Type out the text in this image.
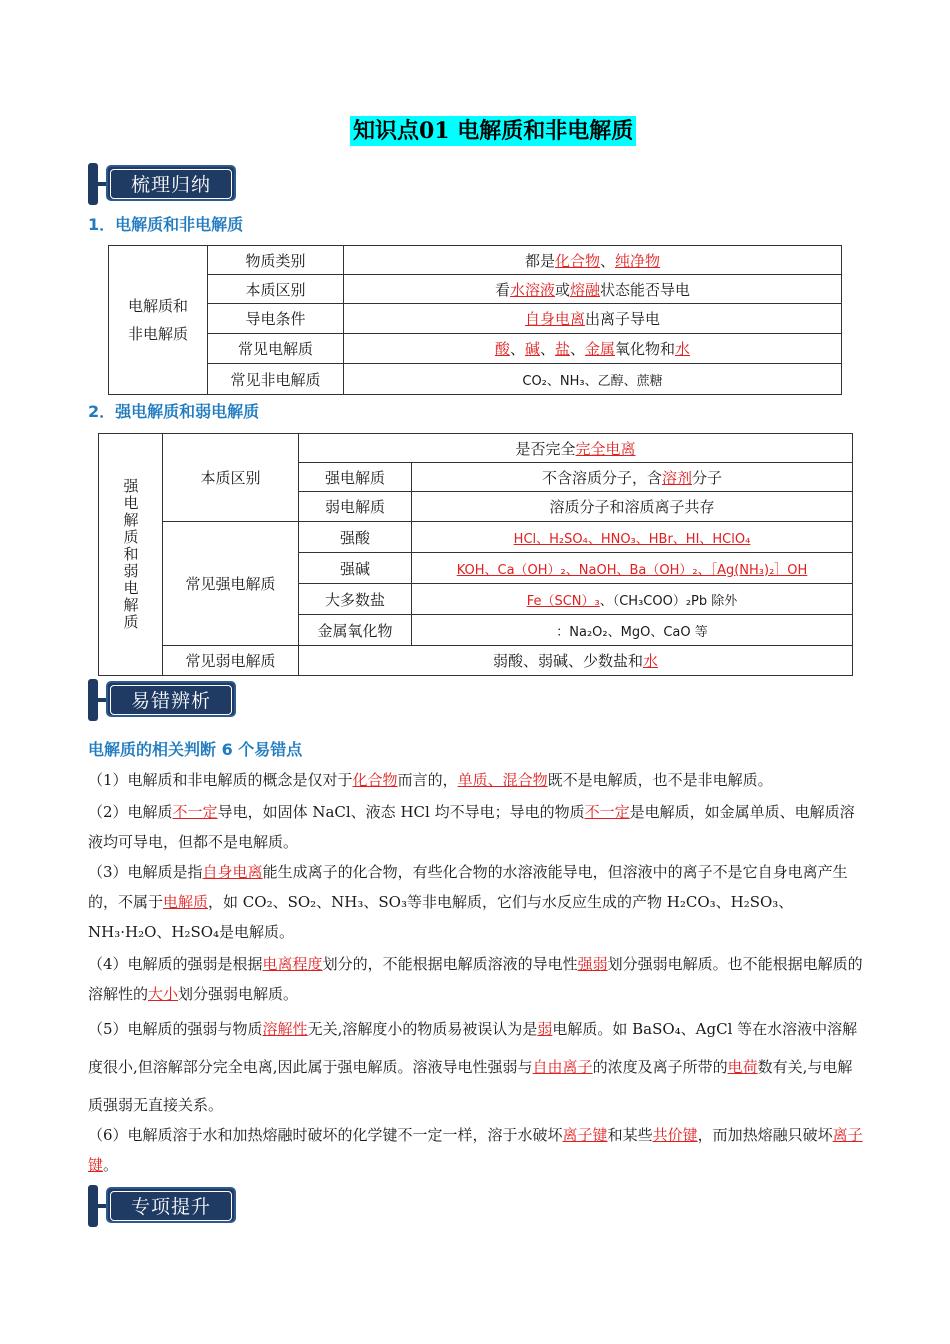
知识点01 电解质和非电解质
梳理归纳
1．电解质和非电解质
电解质和
非电解质	物质类别	都是化合物、纯净物
	本质区别	看水溶液或熔融状态能否导电
	导电条件	自身电离出离子导电
	常见电解质	酸、碱、盐、金属氧化物和水
	常见非电解质	CO₂、NH₃、乙醇、蔗糖
2．强电解质和弱电解质
强电解质和弱电解质	本质区别	是否完全完全电离	
		强电解质	不含溶质分子，含溶剂分子
		弱电解质	溶质分子和溶质离子共存
	常见强电解质	强酸	HCl、H₂SO₄、HNO₃、HBr、HI、HClO₄
		强碱	KOH、Ca（OH）₂、NaOH、Ba（OH）₂、［Ag(NH₃)₂］OH
		大多数盐	Fe（SCN）₃、（CH₃COO）₂Pb 除外
		金属氧化物	：Na₂O₂、MgO、CaO 等
	常见弱电解质	弱酸、弱碱、少数盐和水	
易错辨析
电解质的相关判断 6 个易错点
（1）电解质和非电解质的概念是仅对于化合物而言的，单质、混合物既不是电解质，也不是非电解质。
（2）电解质不一定导电，如固体 NaCl、液态 HCl 均不导电；导电的物质不一定是电解质，如金属单质、电解质溶液均可导电，但都不是电解质。
（3）电解质是指自身电离能生成离子的化合物，有些化合物的水溶液能导电，但溶液中的离子不是它自身电离产生的，不属于电解质，如 CO₂、SO₂、NH₃、SO₃等非电解质，它们与水反应生成的产物 H₂CO₃、H₂SO₃、NH₃·H₂O、H₂SO₄是电解质。
（4）电解质的强弱是根据电离程度划分的，不能根据电解质溶液的导电性强弱划分强弱电解质。也不能根据电解质的溶解性的大小划分强弱电解质。
（5）电解质的强弱与物质溶解性无关,溶解度小的物质易被误认为是弱电解质。如 BaSO₄、AgCl 等在水溶液中溶解度很小,但溶解部分完全电离,因此属于强电解质。溶液导电性强弱与自由离子的浓度及离子所带的电荷数有关,与电解质强弱无直接关系。
（6）电解质溶于水和加热熔融时破坏的化学键不一定一样，溶于水破坏离子键和某些共价键，而加热熔融只破坏离子键。
专项提升
